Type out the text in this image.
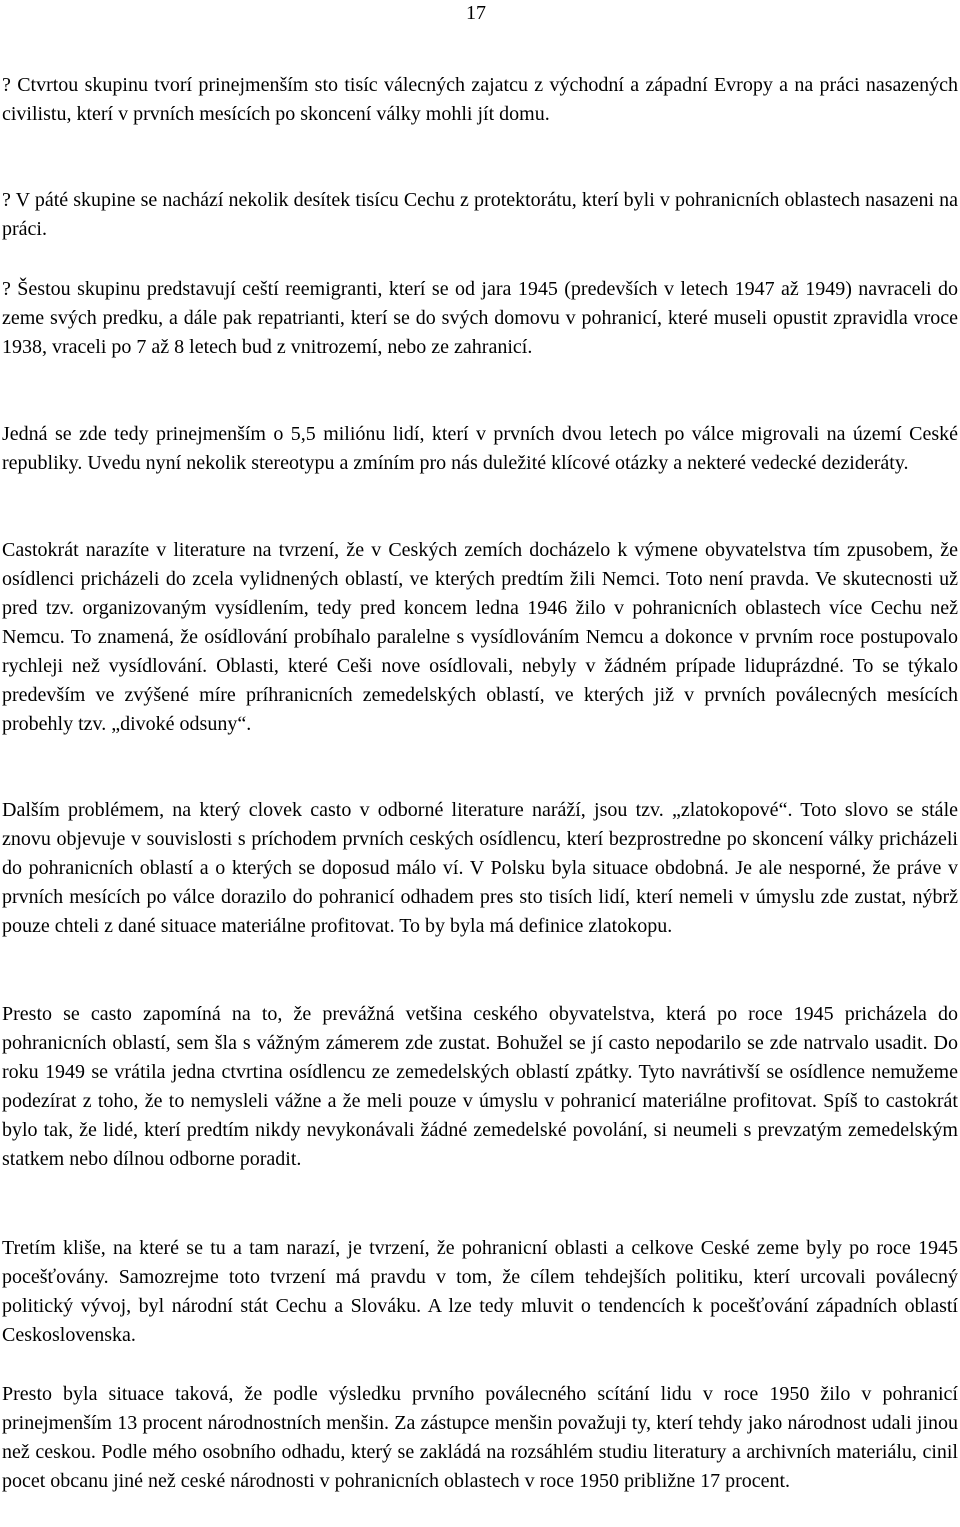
17

? Ctvrtou skupinu tvorí prinejmenším sto tisíc válecných zajatcu z východní a západní Evropy a na práci nasazených civilistu, kterí v prvních mesících po skoncení války mohli jít domu.

? V páté skupine se nachází nekolik desítek tisícu Cechu z protektorátu, kterí byli v pohranicních oblastech nasazeni na práci.

? Šestou skupinu predstavují ceští reemigranti, kterí se od jara 1945 (predevších v letech 1947 až 1949) navraceli do zeme svých predku, a dále pak repatrianti, kterí se do svých domovu v pohranicí, které museli opustit zpravidla vroce 1938, vraceli po 7 až 8 letech bud z vnitrozemí, nebo ze zahranicí.

Jedná se zde tedy prinejmenším o 5,5 miliónu lidí, kterí v prvních dvou letech po válce migrovali na území Ceské republiky. Uvedu nyní nekolik stereotypu a zmíním pro nás duležité klícové otázky a nekteré vedecké dezideráty.

Castokrát narazíte v literature na tvrzení, že v Ceských zemích docházelo k výmene obyvatelstva tím zpusobem, že osídlenci pricházeli do zcela vylidnených oblastí, ve kterých predtím žili Nemci. Toto není pravda. Ve skutecnosti už pred tzv. organizovaným vysídlením, tedy pred koncem ledna 1946 žilo v pohranicních oblastech více Cechu než Nemcu. To znamená, že osídlování probíhalo paralelne s vysídlováním Nemcu a dokonce v prvním roce postupovalo rychleji než vysídlování. Oblasti, které Ceši nove osídlovali, nebyly v žádném prípade liduprázdné. To se týkalo predevším ve zvýšené míre príhranicních zemedelských oblastí, ve kterých již v prvních poválecných mesících probehly tzv. „divoké odsuny“.

Dalším problémem, na který clovek casto v odborné literature naráží, jsou tzv. „zlatokopové“. Toto slovo se stále znovu objevuje v souvislosti s príchodem prvních ceských osídlencu, kterí bezprostredne po skoncení války pricházeli do pohranicních oblastí a o kterých se doposud málo ví. V Polsku byla situace obdobná. Je ale nesporné, že práve v prvních mesících po válce dorazilo do pohranicí odhadem pres sto tisích lidí, kterí nemeli v úmyslu zde zustat, nýbrž pouze chteli z dané situace materiálne profitovat. To by byla má definice zlatokopu.

Presto se casto zapomíná na to, že prevážná vetšina ceského obyvatelstva, která po roce 1945 pricházela do pohranicních oblastí, sem šla s vážným zámerem zde zustat. Bohužel se jí casto nepodarilo se zde natrvalo usadit. Do roku 1949 se vrátila jedna ctvrtina osídlencu ze zemedelských oblastí zpátky. Tyto navrátivší se osídlence nemužeme podezírat z toho, že to nemysleli vážne a že meli pouze v úmyslu v pohranicí materiálne profitovat. Spíš to castokrát bylo tak, že lidé, kterí predtím nikdy nevykonávali žádné zemedelské povolání, si neumeli s prevzatým zemedelským statkem nebo dílnou odborne poradit.

Tretím kliše, na které se tu a tam narazí, je tvrzení, že pohranicní oblasti a celkove Ceské zeme byly po roce 1945 pocešťovány. Samozrejme toto tvrzení má pravdu v tom, že cílem tehdejších politiku, kterí urcovali poválecný politický vývoj, byl národní stát Cechu a Slováku. A lze tedy mluvit o tendencích k pocešťování západních oblastí Ceskoslovenska.

Presto byla situace taková, že podle výsledku prvního poválecného scítání lidu v roce 1950 žilo v pohranicí prinejmenším 13 procent národnostních menšin. Za zástupce menšin považuji ty, kterí tehdy jako národnost udali jinou než ceskou. Podle mého osobního odhadu, který se zakládá na rozsáhlém studiu literatury a archivních materiálu, cinil pocet obcanu jiné než ceské národnosti v pohranicních oblastech v roce 1950 približne 17 procent.
